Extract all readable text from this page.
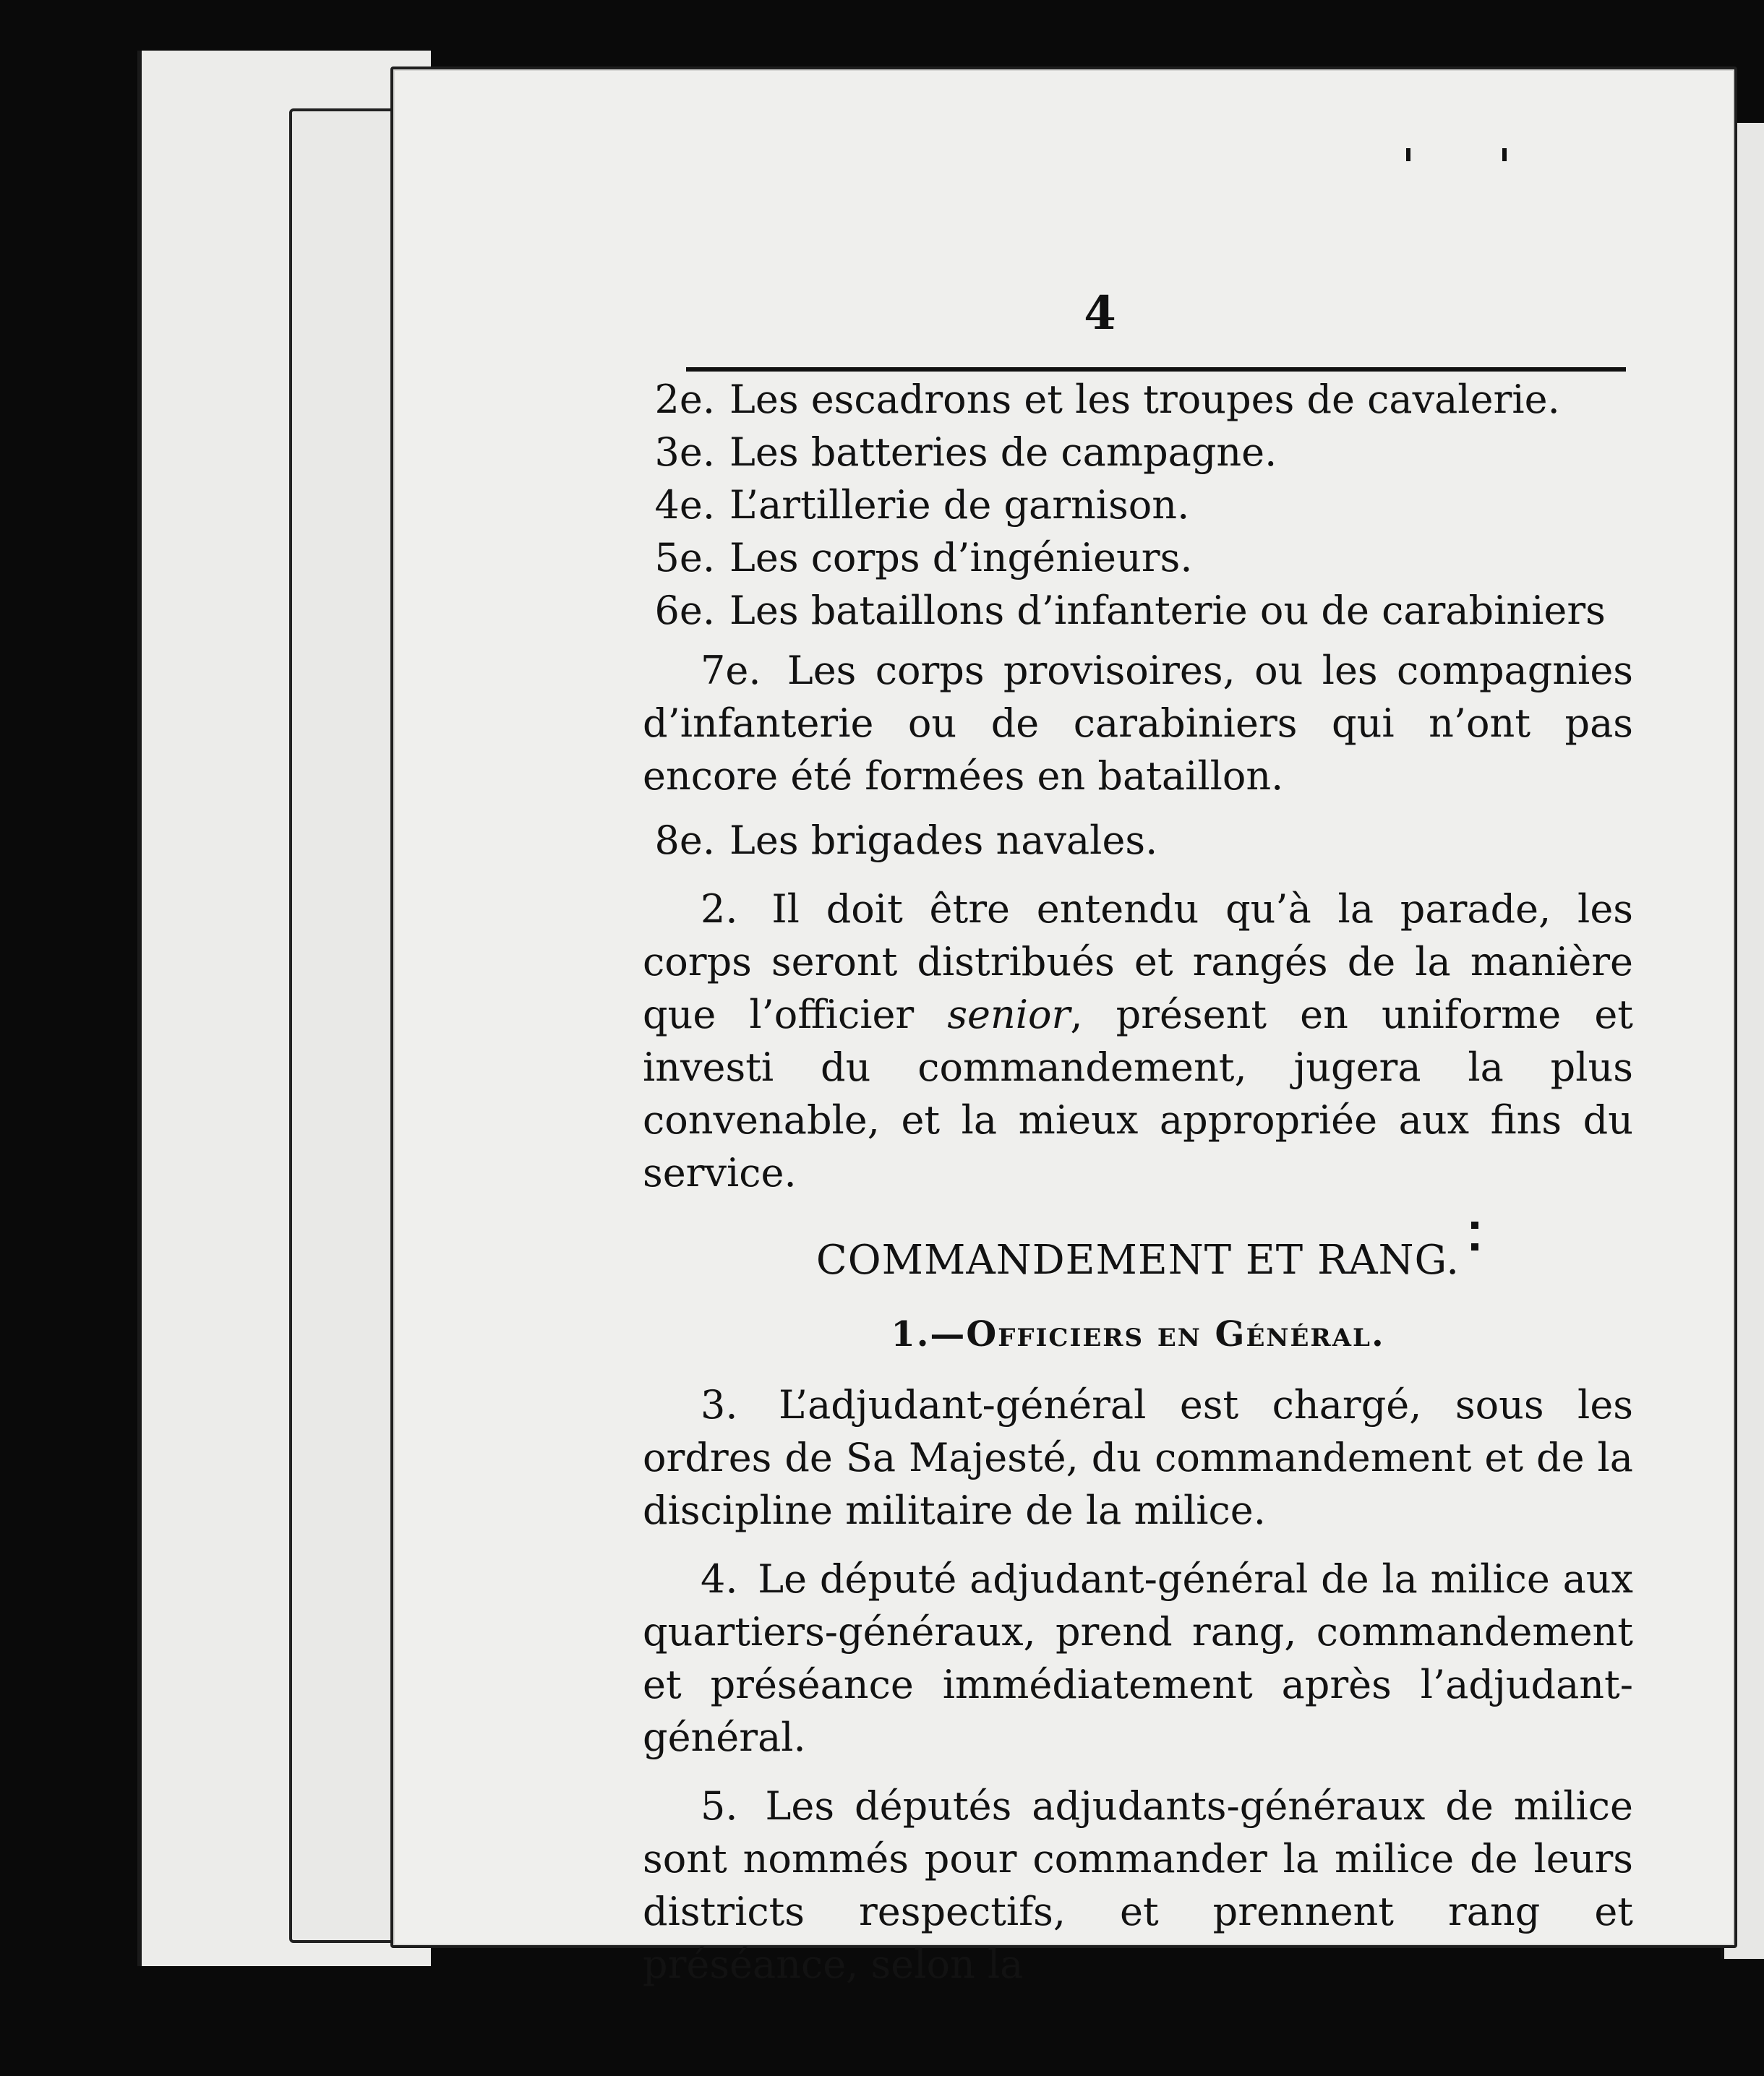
4

2e. Les escadrons et les troupes de cavalerie.

3e. Les batteries de campagne.

4e. L’artillerie de garnison.

5e. Les corps d’ingénieurs.

6e. Les bataillons d’infanterie ou de carabiniers

7e. Les corps provisoires, ou les compagnies d’infanterie ou de carabiniers qui n’ont pas encore été formées en bataillon.

8e. Les brigades navales.

2. Il doit être entendu qu’à la parade, les corps seront distribués et rangés de la manière que l’officier senior, présent en uniforme et investi du commandement, jugera la plus convenable, et la mieux appropriée aux fins du service.

COMMANDEMENT ET RANG.

1.—Officiers en Général.

3. L’adjudant-général est chargé, sous les ordres de Sa Majesté, du commandement et de la discipline militaire de la milice.

4. Le député adjudant-général de la milice aux quartiers-généraux, prend rang, commandement et préséance immédiatement après l’adjudant-général.

5. Les députés adjudants-généraux de milice sont nommés pour commander la milice de leurs districts respectifs, et prennent rang et préséance, selon la
